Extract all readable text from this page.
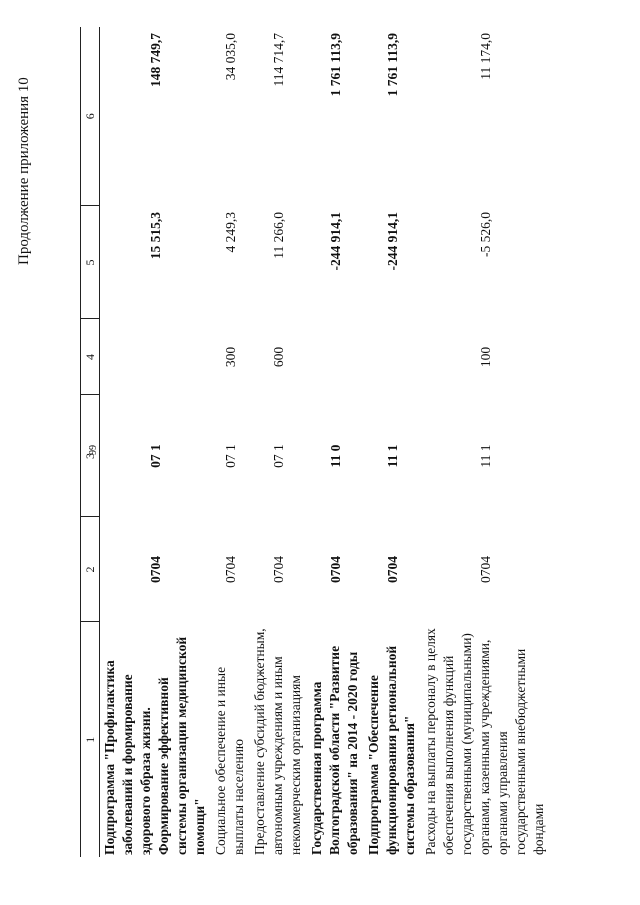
99
Продолжение приложения 10
1	2	3	4	5	6
Подпрограмма "Профилактика заболеваний и формирование здорового образа жизни. Формирование эффективной системы организации медицинской помощи"	0704	07 1		15 515,3	148 749,7
Социальное обеспечение и иные выплаты населению	0704	07 1	300	4 249,3	34 035,0
Предоставление субсидий бюджетным, автономным учреждениям и иным некоммерческим организациям	0704	07 1	600	11 266,0	114 714,7
Государственная программа Волгоградской области "Развитие образования" на 2014 - 2020 годы	0704	11 0		-244 914,1	1 761 113,9
Подпрограмма "Обеспечение функционирования региональной системы образования"	0704	11 1		-244 914,1	1 761 113,9
Расходы на выплаты персоналу в целях обеспечения выполнения функций государственными (муниципальными) органами, казенными учреждениями, органами управления государственными внебюджетными фондами	0704	11 1	100	-5 526,0	11 174,0
